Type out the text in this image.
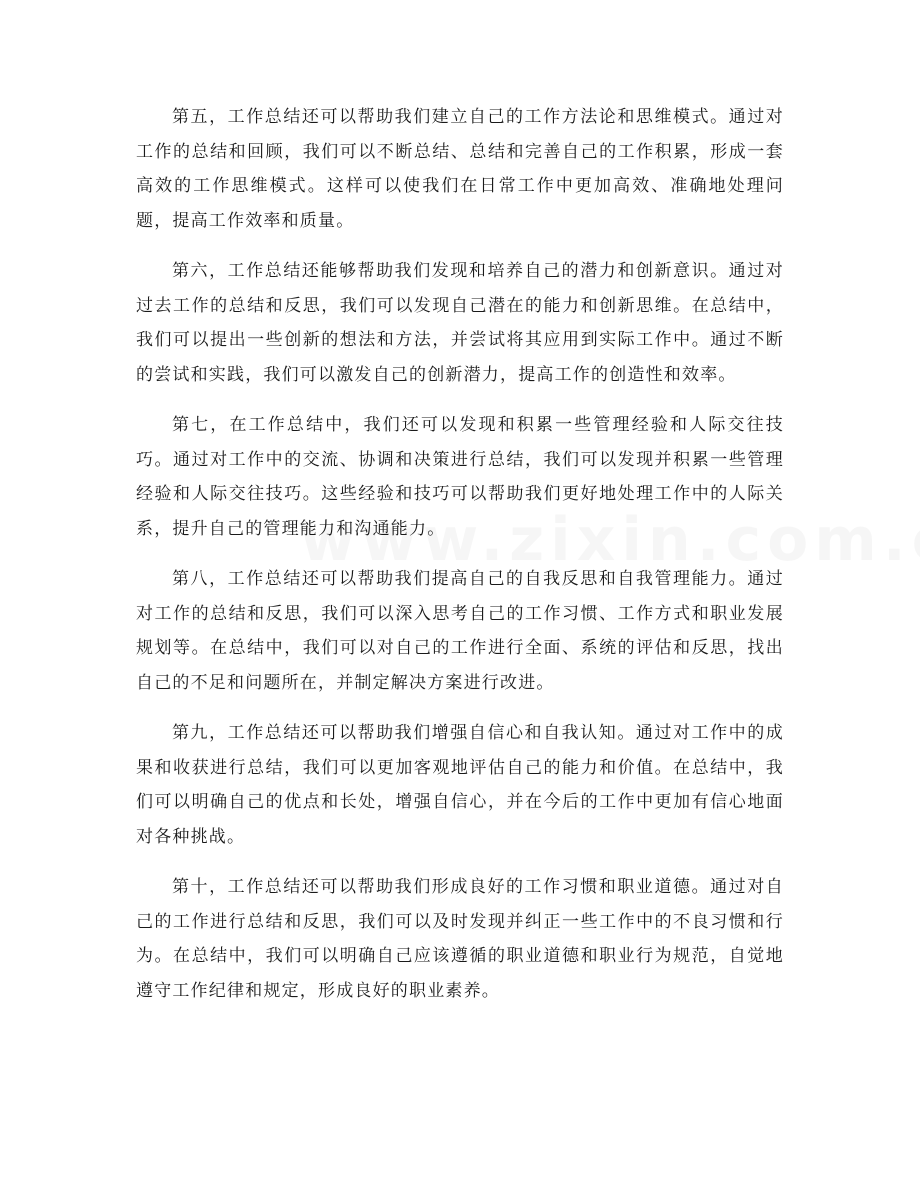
第五，工作总结还可以帮助我们建立自己的工作方法论和思维模式。通过对工作的总结和回顾，我们可以不断总结、总结和完善自己的工作积累，形成一套高效的工作思维模式。这样可以使我们在日常工作中更加高效、准确地处理问题，提高工作效率和质量。

第六，工作总结还能够帮助我们发现和培养自己的潜力和创新意识。通过对过去工作的总结和反思，我们可以发现自己潜在的能力和创新思维。在总结中，我们可以提出一些创新的想法和方法，并尝试将其应用到实际工作中。通过不断的尝试和实践，我们可以激发自己的创新潜力，提高工作的创造性和效率。

第七，在工作总结中，我们还可以发现和积累一些管理经验和人际交往技巧。通过对工作中的交流、协调和决策进行总结，我们可以发现并积累一些管理经验和人际交往技巧。这些经验和技巧可以帮助我们更好地处理工作中的人际关系，提升自己的管理能力和沟通能力。

第八，工作总结还可以帮助我们提高自己的自我反思和自我管理能力。通过对工作的总结和反思，我们可以深入思考自己的工作习惯、工作方式和职业发展规划等。在总结中，我们可以对自己的工作进行全面、系统的评估和反思，找出自己的不足和问题所在，并制定解决方案进行改进。

第九，工作总结还可以帮助我们增强自信心和自我认知。通过对工作中的成果和收获进行总结，我们可以更加客观地评估自己的能力和价值。在总结中，我们可以明确自己的优点和长处，增强自信心，并在今后的工作中更加有信心地面对各种挑战。

第十，工作总结还可以帮助我们形成良好的工作习惯和职业道德。通过对自己的工作进行总结和反思，我们可以及时发现并纠正一些工作中的不良习惯和行为。在总结中，我们可以明确自己应该遵循的职业道德和职业行为规范，自觉地遵守工作纪律和规定，形成良好的职业素养。
